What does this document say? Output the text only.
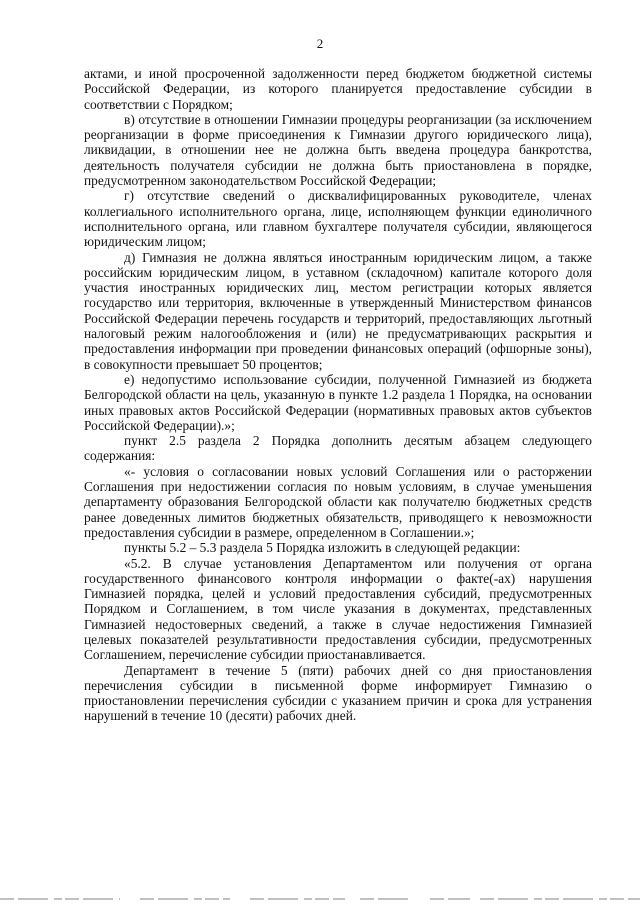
2

актами, и иной просроченной задолженности перед бюджетом бюджетной системы Российской Федерации, из которого планируется предоставление субсидии в соответствии с Порядком;

в) отсутствие в отношении Гимназии процедуры реорганизации (за исключением реорганизации в форме присоединения к Гимназии другого юридического лица), ликвидации, в отношении нее не должна быть введена процедура банкротства, деятельность получателя субсидии не должна быть приостановлена в порядке, предусмотренном законодательством Российской Федерации;

г) отсутствие сведений о дисквалифицированных руководителе, членах коллегиального исполнительного органа, лице, исполняющем функции единоличного исполнительного органа, или главном бухгалтере получателя субсидии, являющегося юридическим лицом;

д) Гимназия не должна являться иностранным юридическим лицом, а также российским юридическим лицом, в уставном (складочном) капитале которого доля участия иностранных юридических лиц, местом регистрации которых является государство или территория, включенные в утвержденный Министерством финансов Российской Федерации перечень государств и территорий, предоставляющих льготный налоговый режим налогообложения и (или) не предусматривающих раскрытия и предоставления информации при проведении финансовых операций (офшорные зоны), в совокупности превышает 50 процентов;

е) недопустимо использование субсидии, полученной Гимназией из бюджета Белгородской области на цель, указанную в пункте 1.2 раздела 1 Порядка, на основании иных правовых актов Российской Федерации (нормативных правовых актов субъектов Российской Федерации).»;

пункт 2.5 раздела 2 Порядка дополнить десятым абзацем следующего содержания:

«- условия о согласовании новых условий Соглашения или о расторжении Соглашения при недостижении согласия по новым условиям, в случае уменьшения департаменту образования Белгородской области как получателю бюджетных средств ранее доведенных лимитов бюджетных обязательств, приводящего к невозможности предоставления субсидии в размере, определенном в Соглашении.»;

пункты 5.2 – 5.3 раздела 5 Порядка изложить в следующей редакции:

«5.2. В случае установления Департаментом или получения от органа государственного финансового контроля информации о факте(-ах) нарушения Гимназией порядка, целей и условий предоставления субсидий, предусмотренных Порядком и Соглашением, в том числе указания в документах, представленных Гимназией недостоверных сведений, а также в случае недостижения Гимназией целевых показателей результативности предоставления субсидии, предусмотренных Соглашением, перечисление субсидии приостанавливается.

Департамент в течение 5 (пяти) рабочих дней со дня приостановления перечисления субсидии в письменной форме информирует Гимназию о приостановлении перечисления субсидии с указанием причин и срока для устранения нарушений в течение 10 (десяти) рабочих дней.
